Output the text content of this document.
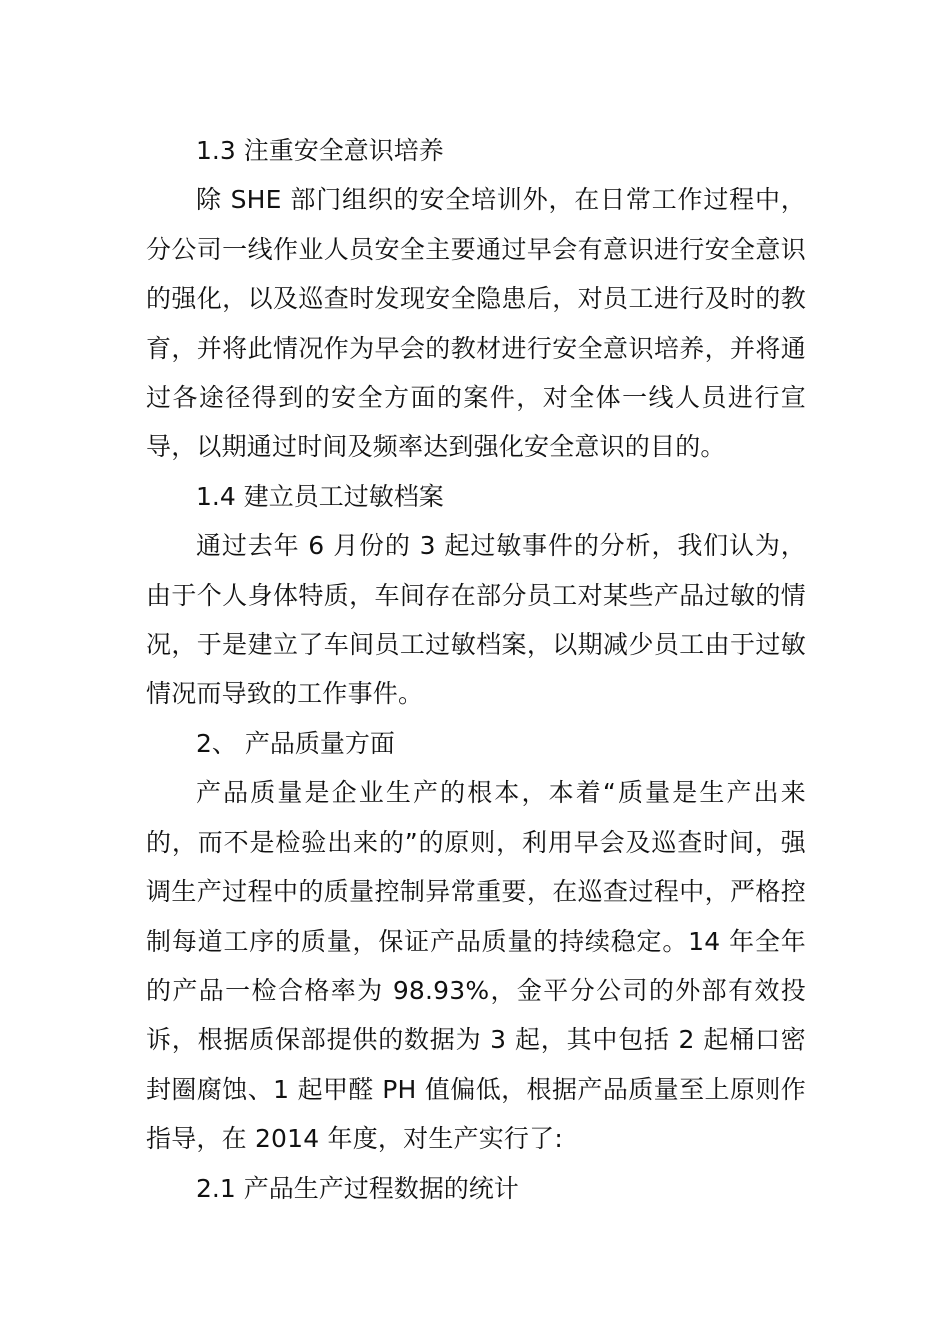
1.3 注重安全意识培养

除 SHE 部门组织的安全培训外，在日常工作过程中，分公司一线作业人员安全主要通过早会有意识进行安全意识的强化，以及巡查时发现安全隐患后，对员工进行及时的教育，并将此情况作为早会的教材进行安全意识培养，并将通过各途径得到的安全方面的案件，对全体一线人员进行宣导，以期通过时间及频率达到强化安全意识的目的。

1.4 建立员工过敏档案

通过去年 6 月份的 3 起过敏事件的分析，我们认为，由于个人身体特质，车间存在部分员工对某些产品过敏的情况，于是建立了车间员工过敏档案，以期减少员工由于过敏情况而导致的工作事件。

2、 产品质量方面

产品质量是企业生产的根本，本着“质量是生产出来的，而不是检验出来的”的原则，利用早会及巡查时间，强调生产过程中的质量控制异常重要，在巡查过程中，严格控制每道工序的质量，保证产品质量的持续稳定。14 年全年的产品一检合格率为 98.93%，金平分公司的外部有效投诉，根据质保部提供的数据为 3 起，其中包括 2 起桶口密封圈腐蚀、1 起甲醛 PH 值偏低，根据产品质量至上原则作指导，在 2014 年度，对生产实行了:

2.1 产品生产过程数据的统计
